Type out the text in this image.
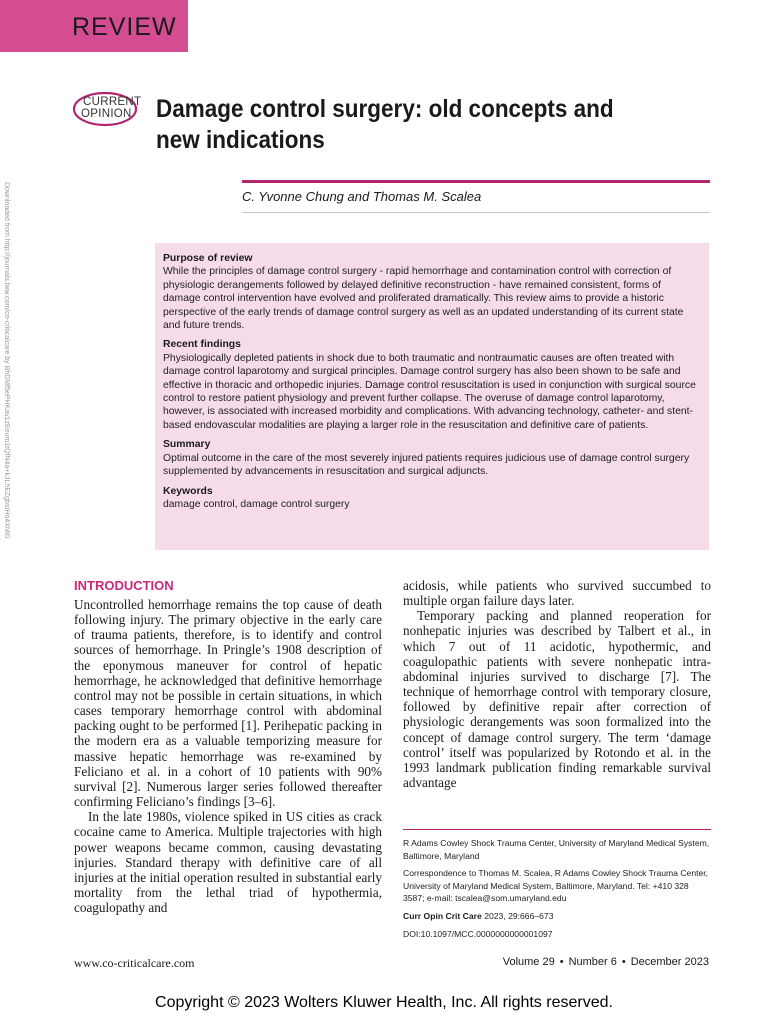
REVIEW
CURRENT
OPINION Damage control surgery: old concepts and new indications
C. Yvonne Chung and Thomas M. Scalea
Downloaded from http://journals.lww.com/co-criticalcare by BhDMf5ePHKav1zEoum1tQfN4a+kJLhEZgbsIHo4XMi0	Purpose of review

While the principles of damage control surgery - rapid hemorrhage and contamination control with correction of physiologic derangements followed by delayed definitive reconstruction - have remained consistent, forms of damage control intervention have evolved and proliferated dramatically. This review aims to provide a historic perspective of the early trends of damage control surgery as well as an updated understanding of its current state and future trends.

Recent findings

Physiologically depleted patients in shock due to both traumatic and nontraumatic causes are often treated with damage control laparotomy and surgical principles. Damage control surgery has also been shown to be safe and effective in thoracic and orthopedic injuries. Damage control resuscitation is used in conjunction with surgical source control to restore patient physiology and prevent further collapse. The overuse of damage control laparotomy, however, is associated with increased morbidity and complications. With advancing technology, catheter- and stent-based endovascular modalities are playing a larger role in the resuscitation and definitive care of patients.

Summary

Optimal outcome in the care of the most severely injured patients requires judicious use of damage control surgery supplemented by advancements in resuscitation and surgical adjuncts.

Keywords

damage control, damage control surgery

INTRODUCTION

Uncontrolled hemorrhage remains the top cause of death following injury. The primary objective in the early care of trauma patients, therefore, is to identify and control sources of hemorrhage. In Pringle’s 1908 description of the eponymous maneuver for control of hepatic hemorrhage, he acknowledged that definitive hemorrhage control may not be possible in certain situations, in which cases temporary hemorrhage control with abdominal packing ought to be performed [1]. Perihepatic packing in the modern era as a valuable temporizing measure for massive hepatic hemorrhage was re-examined by Feliciano et al. in a cohort of 10 patients with 90% survival [2]. Numerous larger series followed thereafter confirming Feliciano’s findings [3–6].

In the late 1980s, violence spiked in US cities as crack cocaine came to America. Multiple trajectories with high power weapons became common, causing devastating injuries. Standard therapy with definitive care of all injuries at the initial operation resulted in substantial early mortality from the lethal triad of hypothermia, coagulopathy and

acidosis, while patients who survived succumbed to multiple organ failure days later.

Temporary packing and planned reoperation for nonhepatic injuries was described by Talbert et al., in which 7 out of 11 acidotic, hypothermic, and coagulopathic patients with severe nonhepatic intra-abdominal injuries survived to discharge [7]. The technique of hemorrhage control with temporary closure, followed by definitive repair after correction of physiologic derangements was soon formalized into the concept of damage control surgery. The term ‘damage control’ itself was popularized by Rotondo et al. in the 1993 landmark publication finding remarkable survival advantage

R Adams Cowley Shock Trauma Center, University of Maryland Medical System, Baltimore, Maryland

Correspondence to Thomas M. Scalea, R Adams Cowley Shock Trauma Center, University of Maryland Medical System, Baltimore, Maryland. Tel: +410 328 3587; e-mail: tscalea@som.umaryland.edu

Curr Opin Crit Care 2023, 29:666–673

DOI:10.1097/MCC.0000000000001097

www.co-criticalcare.com	Volume 29 • Number 6 • December 2023
Copyright © 2023 Wolters Kluwer Health, Inc. All rights reserved.
